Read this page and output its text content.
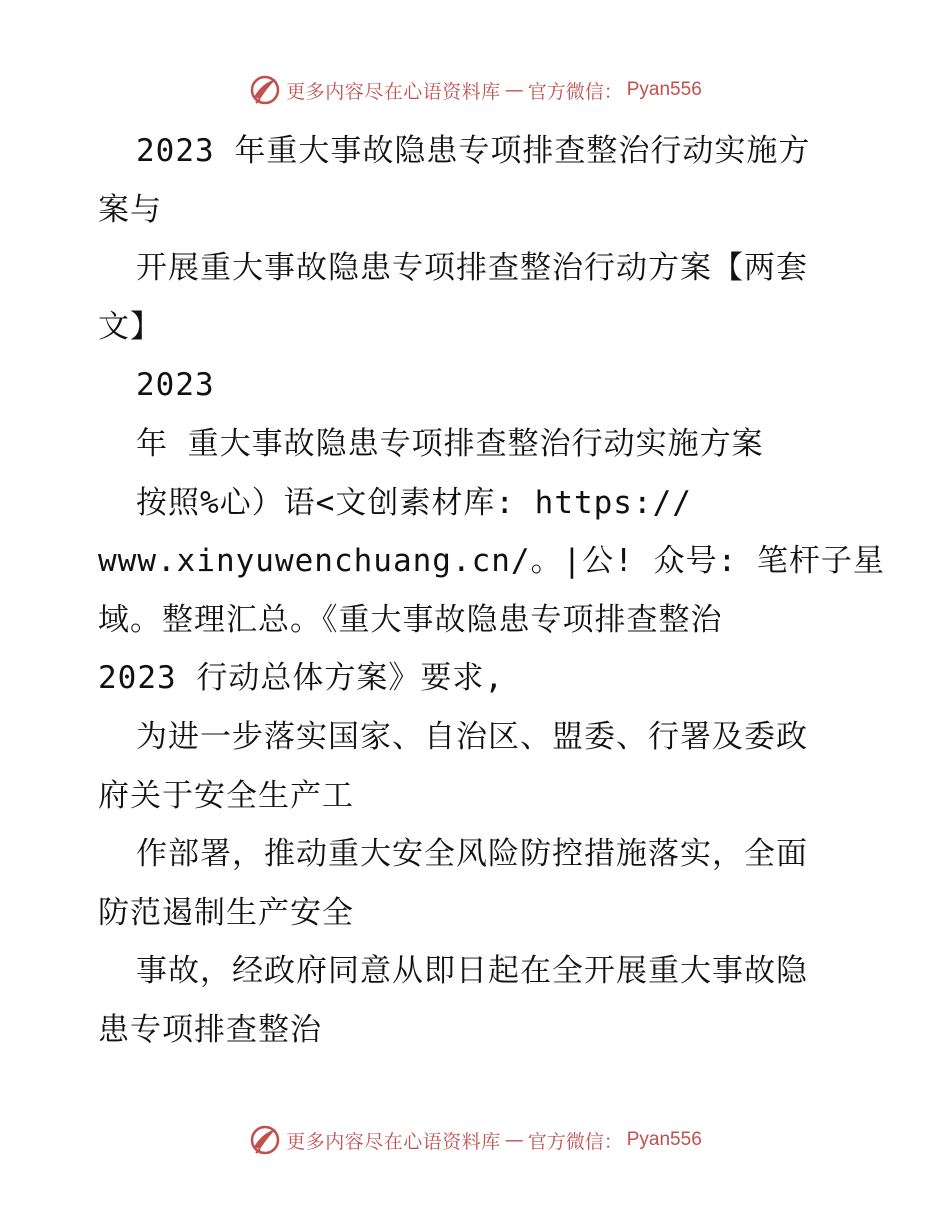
更多内容尽在心语资料库 — 官方微信： Pyan556
2023 年重大事故隐患专项排查整治行动实施方
案与
开展重大事故隐患专项排查整治行动方案【两套
文】
2023
年 重大事故隐患专项排查整治行动实施方案
按照%心）语<文创素材库: https://
www.xinyuwenchuang.cn/。|公! 众号: 笔杆子星
域。整理汇总。《重大事故隐患专项排查整治
2023 行动总体方案》要求,
为进一步落实国家、自治区、盟委、行署及委政
府关于安全生产工
作部署，推动重大安全风险防控措施落实，全面
防范遏制生产安全
事故，经政府同意从即日起在全开展重大事故隐
患专项排查整治
更多内容尽在心语资料库 — 官方微信： Pyan556
